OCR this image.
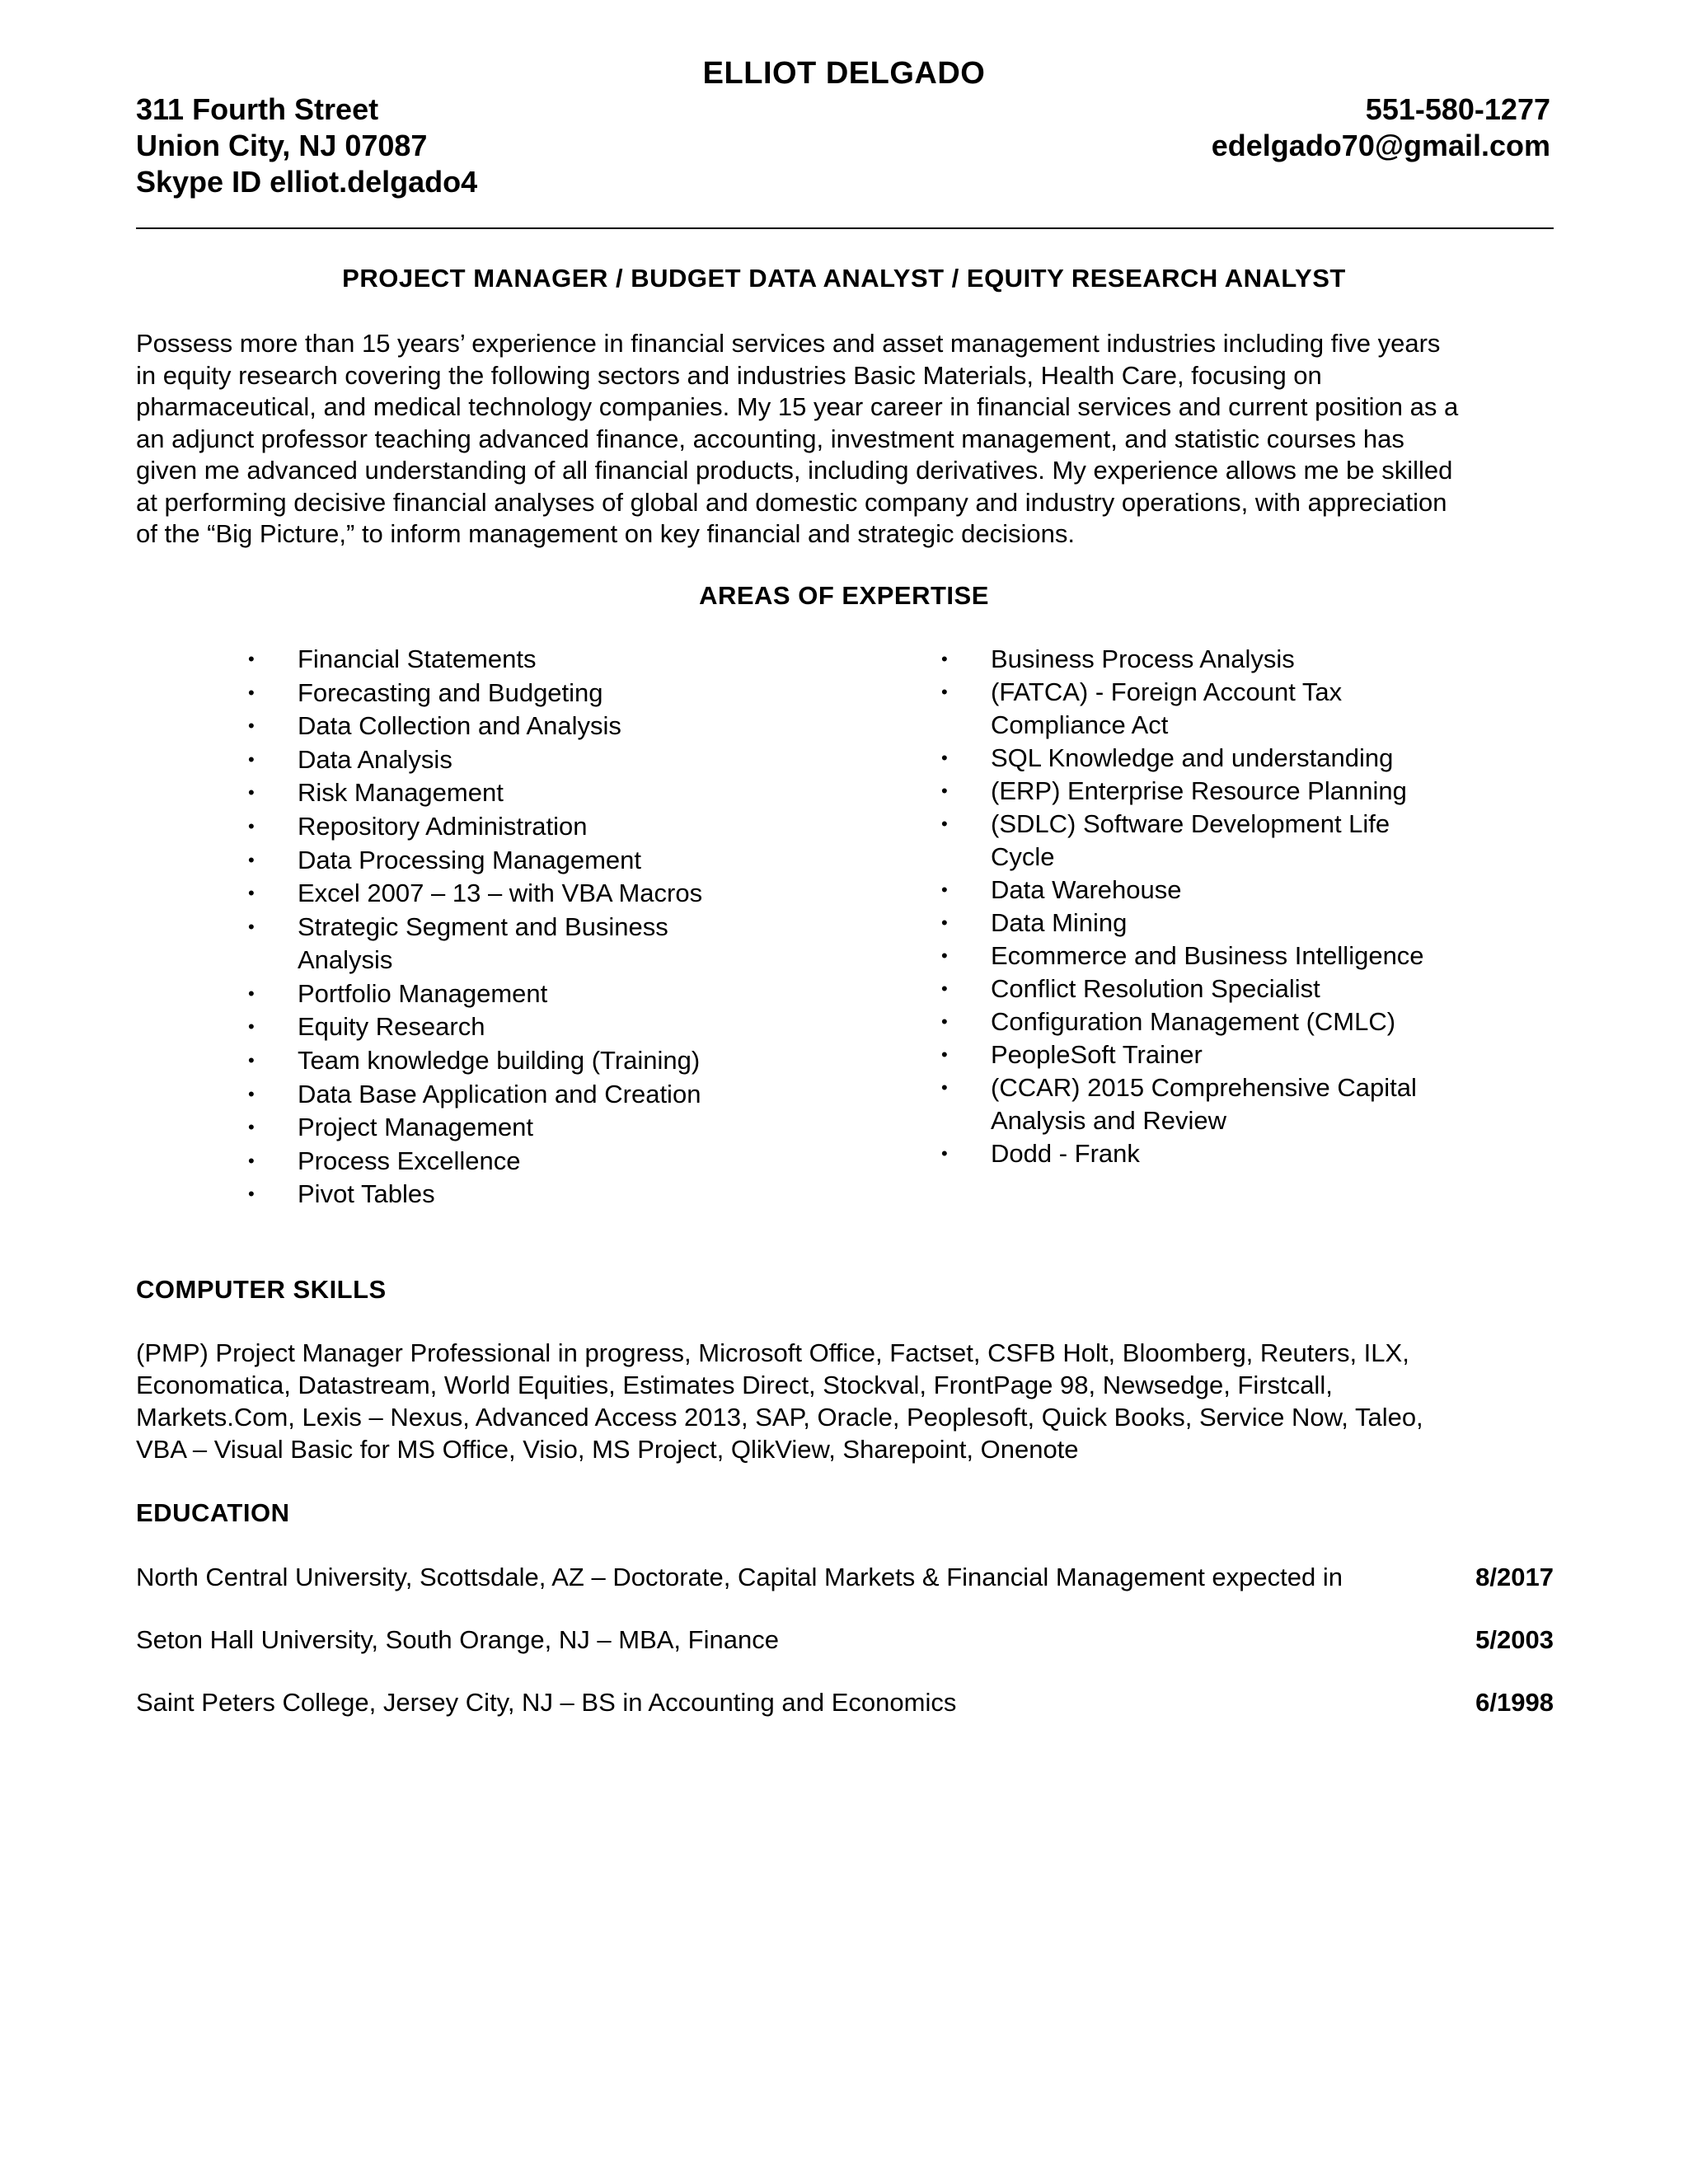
ELLIOT DELGADO
311 Fourth Street
Union City, NJ 07087
Skype ID elliot.delgado4
551-580-1277
edelgado70@gmail.com
PROJECT MANAGER / BUDGET DATA ANALYST / EQUITY RESEARCH ANALYST
Possess more than 15 years’ experience in financial services and asset management industries including five years
in equity research covering the following sectors and industries Basic Materials, Health Care, focusing on
pharmaceutical, and medical technology companies. My 15 year career in financial services and current position as a
an adjunct professor teaching advanced finance, accounting, investment management, and statistic courses has
given me advanced understanding of all financial products, including derivatives. My experience allows me be skilled
at performing decisive financial analyses of global and domestic company and industry operations, with appreciation
of the “Big Picture,” to inform management on key financial and strategic decisions.
AREAS OF EXPERTISE
• Financial Statements
• Forecasting and Budgeting
• Data Collection and Analysis
• Data Analysis
• Risk Management
• Repository Administration
• Data Processing Management
• Excel 2007 – 13 – with VBA Macros
• Strategic Segment and Business
Analysis
• Portfolio Management
• Equity Research
• Team knowledge building (Training)
• Data Base Application and Creation
• Project Management
• Process Excellence
• Pivot Tables
• Business Process Analysis
• (FATCA) - Foreign Account Tax
Compliance Act
• SQL Knowledge and understanding
• (ERP) Enterprise Resource Planning
• (SDLC) Software Development Life
Cycle
• Data Warehouse
• Data Mining
• Ecommerce and Business Intelligence
• Conflict Resolution Specialist
• Configuration Management (CMLC)
• PeopleSoft Trainer
• (CCAR) 2015 Comprehensive Capital
Analysis and Review
• Dodd - Frank
COMPUTER SKILLS
(PMP) Project Manager Professional in progress, Microsoft Office, Factset, CSFB Holt, Bloomberg, Reuters, ILX,
Economatica, Datastream, World Equities, Estimates Direct, Stockval, FrontPage 98, Newsedge, Firstcall,
Markets.Com, Lexis – Nexus, Advanced Access 2013, SAP, Oracle, Peoplesoft, Quick Books, Service Now, Taleo,
VBA – Visual Basic for MS Office, Visio, MS Project, QlikView, Sharepoint, Onenote
EDUCATION
North Central University, Scottsdale, AZ – Doctorate, Capital Markets & Financial Management expected in	8/2017
Seton Hall University, South Orange, NJ – MBA, Finance	5/2003
Saint Peters College, Jersey City, NJ – BS in Accounting and Economics	6/1998
